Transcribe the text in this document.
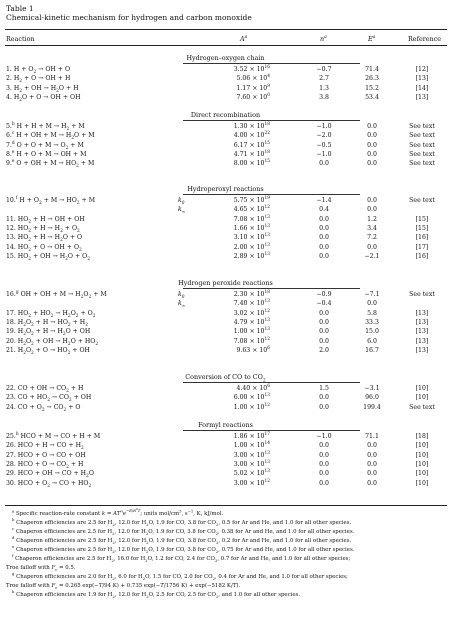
Table 1
Chemical-kinetic mechanism for hydrogen and carbon monoxide
Reaction	$A^a$	$n^a$	$E^a$	Reference
Hydrogen–oxygen chain
1. $H + O_2$ → OH + O	$3.52 \times 10^{16}$	−0.7	71.4	[12]
2. $H_2 + O$ → OH + H	$5.06 \times 10^4$	2.7	26.3	[13]
3. $H_2$ + OH → $H_2O + H$	$1.17 \times 10^9$	1.3	15.2	[14]
4. $H_2O + O$ → OH + OH	$7.60 \times 10^0$	3.8	53.4	[13]
Direct recombination
5.$^b$ $H + H + M \to H_2 + M$	$1.30 \times 10^{18}$	−1.0	0.0	See text
6.$^c$ H + OH + $M \to H_2O + M$	$4.00 \times 10^{22}$	−2.0	0.0	See text
7.$^d$ $O + O + M \to O_2 + M$	$6.17 \times 10^{15}$	−0.5	0.0	See text
8.$^e$ H + O + M → OH + M	$4.71 \times 10^{18}$	−1.0	0.0	See text
9.$^e$ O + OH + $M \to HO_2 + M$	$8.00 \times 10^{15}$	0.0	0.0	See text
Hydroperoxyl reactions
10.$^f$ $H + O_2 + M \to HO_2 + M$	$k_0$	$5.75 \times 10^{19}$	−1.4	0.0	See text
$k_\infty$	$4.65 \times 10^{12}$	0.4	0.0
11. $HO_2 + H$ → OH + OH	$7.08 \times 10^{13}$	0.0	1.2	[15]
12. $HO_2 + H \to H_2 + O_2$	$1.66 \times 10^{13}$	0.0	3.4	[15]
13. $HO_2 + H \to H_2O + O$	$3.10 \times 10^{13}$	0.0	7.2	[16]
14. $HO_2 + O$ → OH + $O_2$	$2.00 \times 10^{13}$	0.0	0.0	[17]
15. $HO_2$ + OH → $H_2O + O_2$	$2.89 \times 10^{13}$	0.0	−2.1	[16]
Hydrogen peroxide reactions
16.$^g$ OH + OH + $M \to H_2O_2 + M$	$k_0$	$2.30 \times 10^{18}$	−0.9	−7.1	See text
$k_\infty$	$7.40 \times 10^{13}$	−0.4	0.0
17. $HO_2 + HO_2 \to H_2O_2 + O_2$	$3.02 \times 10^{12}$	0.0	5.8	[13]
18. $H_2O_2 + H \to HO_2 + H_2$	$4.79 \times 10^{13}$	0.0	33.3	[13]
19. $H_2O_2 + H \to H_2O$ + OH	$1.00 \times 10^{13}$	0.0	15.0	[13]
20. $H_2O_2$ + OH → $H_2O + HO_2$	$7.08 \times 10^{12}$	0.0	6.0	[13]
21. $H_2O_2 + O \to HO_2$ + OH	$9.63 \times 10^6$	2.0	16.7	[13]
Conversion of CO to $CO_2$
22. CO + OH → $CO_2 + H$	$4.40 \times 10^6$	1.5	−3.1	[10]
23. CO + $HO_2 \to CO_2$ + OH	$6.00 \times 10^{13}$	0.0	96.0	[10]
24. CO + $O_2 \to CO_2 + O$	$1.00 \times 10^{12}$	0.0	199.4	See text
Formyl reactions
25.$^h$ HCO + M → CO + H + M	$1.86 \times 10^{17}$	−1.0	71.1	[18]
26. HCO + H → CO + $H_2$	$1.00 \times 10^{14}$	0.0	0.0	[10]
27. HCO + O → CO + OH	$3.00 \times 10^{13}$	0.0	0.0	[10]
28. HCO + $O \to CO_2 + H$	$3.00 \times 10^{13}$	0.0	0.0	[10]
29. HCO + OH → CO + $H_2O$	$5.02 \times 10^{13}$	0.0	0.0	[10]
30. HCO + $O_2$ → CO + $HO_2$	$3.00 \times 10^{12}$	0.0	0.0	[10]
$^a$ Specific reaction-rate constant $k = AT^ne^{-E/R^0T}$; units mol/$cm^3$, $s^{-1}$, K, kJ/mol.
$^b$ Chaperon efficiencies are 2.5 for $H_2$, 12.0 for $H_2O$, 1.9 for CO, 3.8 for $CO_2$, 0.5 for Ar and He, and 1.0 for all other species.
$^c$ Chaperon efficiencies are 2.5 for $H_2$, 12.0 for $H_2O$, 1.9 for CO, 3.8 for $CO_2$, 0.38 for Ar and He, and 1.0 for all other species.
$^d$ Chaperon efficiencies are 2.5 for $H_2$, 12.0 for $H_2O$, 1.9 for CO, 3.8 for $CO_2$, 0.2 for Ar and He, and 1.0 for all other species.
$^e$ Chaperon efficiencies are 2.5 for $H_2$, 12.0 for $H_2O$, 1.9 for CO, 3.8 for $CO_2$, 0.75 for Ar and He, and 1.0 for all other species.
$^f$ Chaperon efficiencies are 2.5 for $H_2$, 16.0 for $H_2O$, 1.2 for CO, 2.4 for $CO_2$, 0.7 for Ar and He, and 1.0 for all other species;
Troe falloff with $F_c = 0.5$.
$^g$ Chaperon efficiencies are 2.0 for $H_2$, 6.0 for $H_2O$, 1.5 for CO, 2.0 for $CO_2$, 0.4 for Ar and He, and 1.0 for all other species;
Troe falloff with $F_c = 0.265$ exp(−T/94 K) + 0.735 exp(−T/1756 K) + exp(−5182 K/T).
$^h$ Chaperon efficiencies are 1.9 for $H_2$, 12.0 for $H_2O$, 2.5 for CO, 2.5 for $CO_2$, and 1.0 for all other species.
